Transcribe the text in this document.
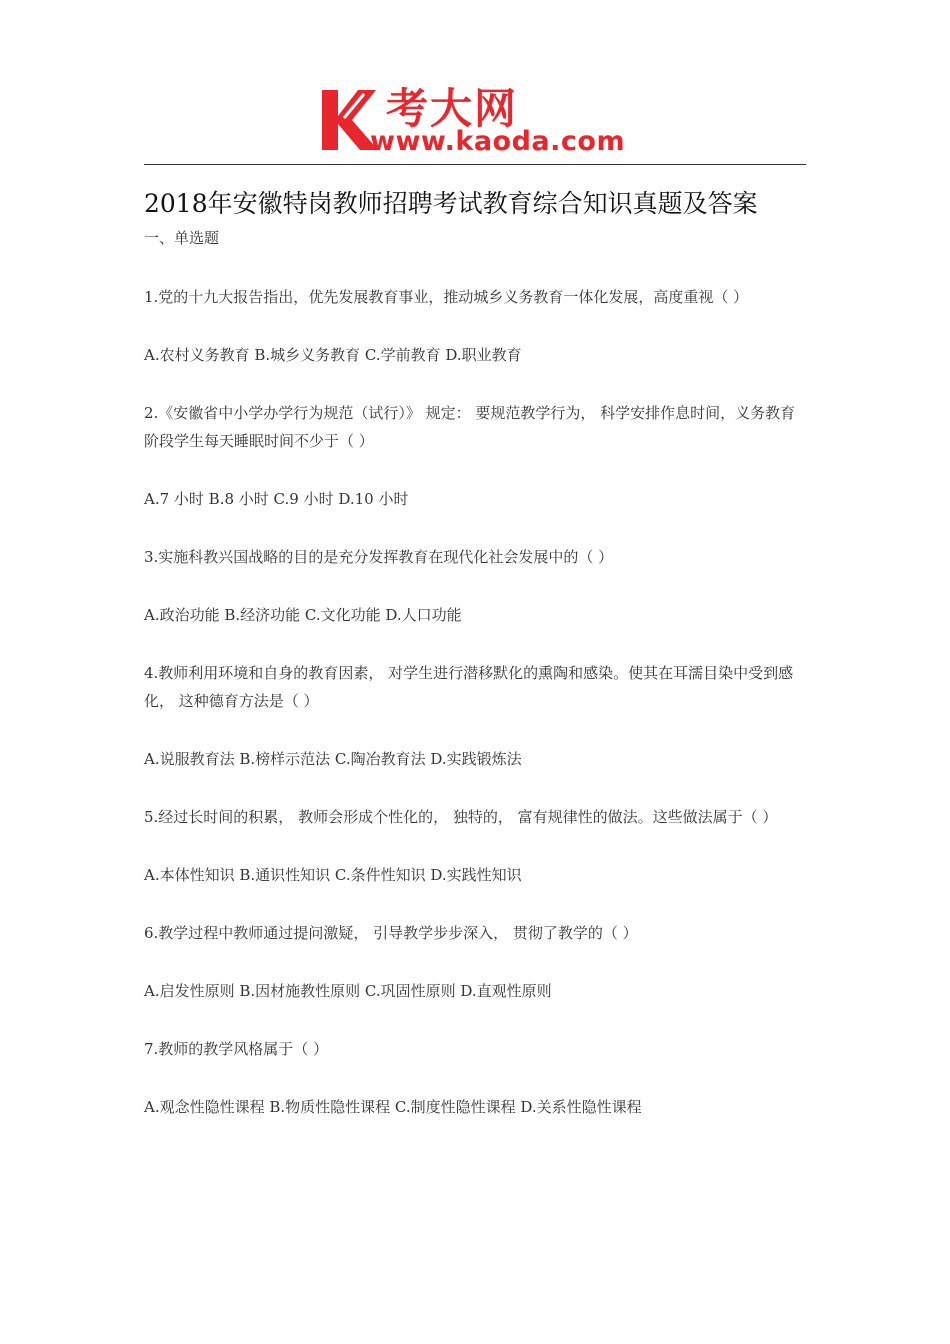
考大网
www.kaoda.com
2018年安徽特岗教师招聘考试教育综合知识真题及答案
一、单选题
1.党的十九大报告指出，优先发展教育事业，推动城乡义务教育一体化发展，高度重视（ ）
A.农村义务教育 B.城乡义务教育 C.学前教育 D.职业教育
2.《安徽省中小学办学行为规范（试行）》 规定： 要规范教学行为， 科学安排作息时间，义务教育阶段学生每天睡眠时间不少于（ ）
A.7 小时 B.8 小时 C.9 小时 D.10 小时
3.实施科教兴国战略的目的是充分发挥教育在现代化社会发展中的（ ）
A.政治功能 B.经济功能 C.文化功能 D.人口功能
4.教师利用环境和自身的教育因素， 对学生进行潜移默化的熏陶和感染。使其在耳濡目染中受到感化， 这种德育方法是（ ）
A.说服教育法 B.榜样示范法 C.陶冶教育法 D.实践锻炼法
5.经过长时间的积累， 教师会形成个性化的， 独特的， 富有规律性的做法。这些做法属于（ ）
A.本体性知识 B.通识性知识 C.条件性知识 D.实践性知识
6.教学过程中教师通过提问激疑， 引导教学步步深入， 贯彻了教学的（ ）
A.启发性原则 B.因材施教性原则 C.巩固性原则 D.直观性原则
7.教师的教学风格属于（ ）
A.观念性隐性课程 B.物质性隐性课程 C.制度性隐性课程 D.关系性隐性课程
